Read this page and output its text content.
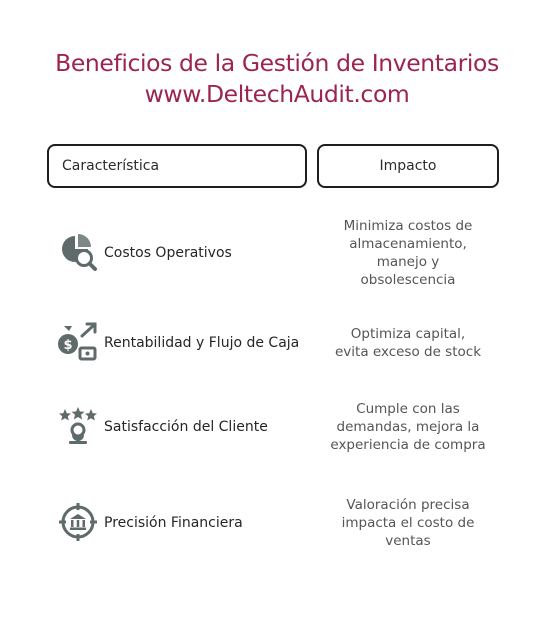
Beneficios de la Gestión de Inventarios
www.DeltechAudit.com
Característica	Impacto
Costos Operativos
Minimiza costos de
almacenamiento,
manejo y
obsolescencia
$ Rentabilidad y Flujo de Caja
Optimiza capital,
evita exceso de stock
Satisfacción del Cliente
Cumple con las
demandas, mejora la
experiencia de compra
Precisión Financiera
Valoración precisa
impacta el costo de
ventas
